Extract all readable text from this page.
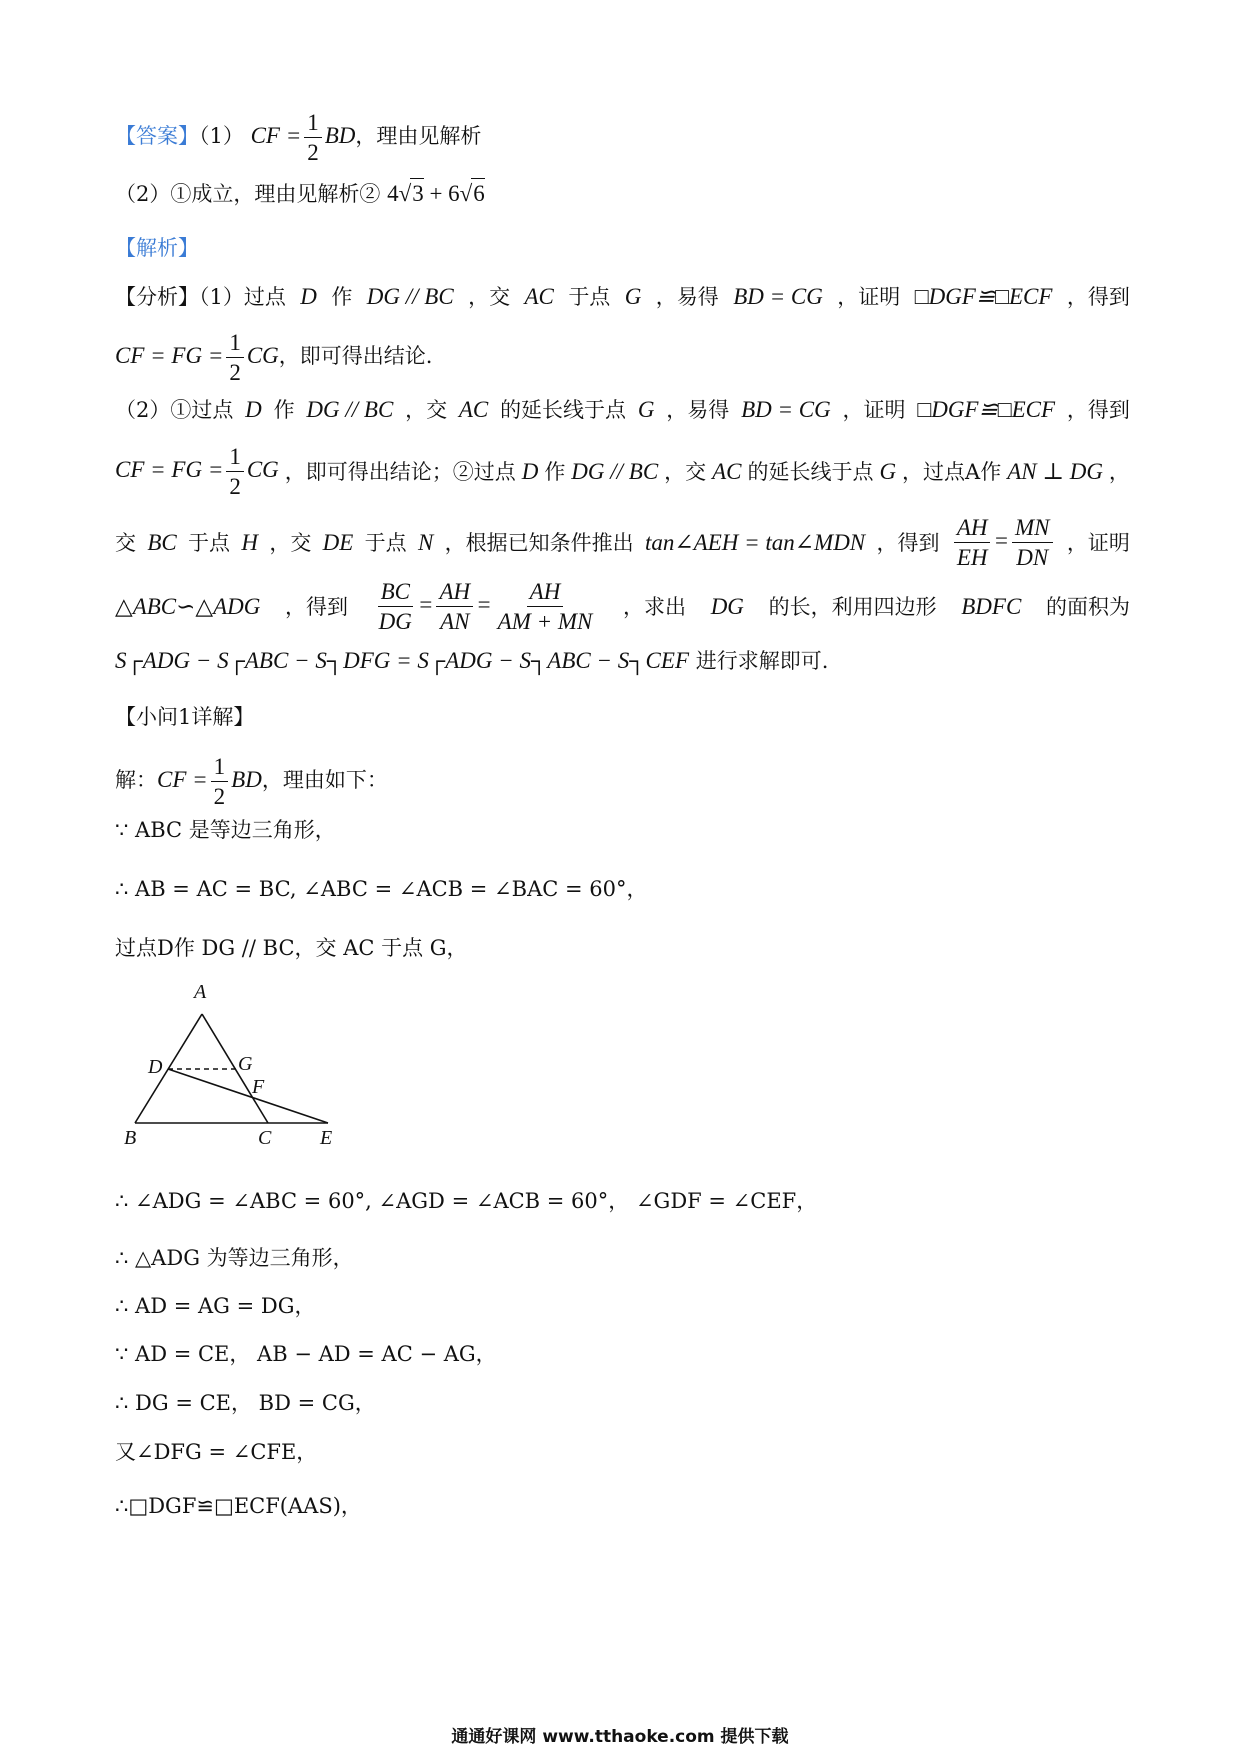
【答案】（1） CF = $\frac{1}{2}$ BD，理由见解析
（2）①成立，理由见解析② 4√3 + 6√6
【解析】
【分析】（1）过点 D 作 DG // BC ，交 AC 于点 G ，易得 BD = CG ，证明 □DGF≌□ECF ，得到
CF = FG = $\frac{1}{2}$ CG，即可得出结论.
（2）①过点 D 作 DG // BC ，交 AC 的延长线于点 G ，易得 BD = CG ，证明 □DGF≌□ECF ，得到
CF = FG = $\frac{1}{2}$ CG ，即可得出结论；②过点 D 作 DG // BC ，交 AC 的延长线于点 G ，过点A作 AN ⊥ DG ，
交 BC 于点 H ，交 DE 于点 N ，根据已知条件推出 tan∠AEH = tan∠MDN ，得到 $\frac{AH}{EH} = \frac{MN}{DN}$ ，证明
△ABC∽△ADG ，得到 $\frac{BC}{DG} = \frac{AH}{AN} = \frac{AH}{AM + MN}$ ，求出 DG 的长，利用四边形 BDFC 的面积为
S┌ADG − S┌ABC − S┐DFG = S┌ADG − S┐ABC − S┐CEF 进行求解即可.
【小问1详解】
解：CF = $\frac{1}{2}$ BD，理由如下：
∵ ABC 是等边三角形，
∴ AB = AC = BC, ∠ABC = ∠ACB = ∠BAC = 60°，
过点D作 DG // BC，交 AC 于点 G，
A
B	C
D
E
F
G
∴ ∠ADG = ∠ABC = 60°, ∠AGD = ∠ACB = 60°， ∠GDF = ∠CEF，
∴ △ADG 为等边三角形，
∴ AD = AG = DG，
∵ AD = CE， AB − AD = AC − AG，
∴ DG = CE， BD = CG，
又∠DFG = ∠CFE，
∴□DGF≌□ECF(AAS)，
通通好课网 www.tthaoke.com 提供下载
